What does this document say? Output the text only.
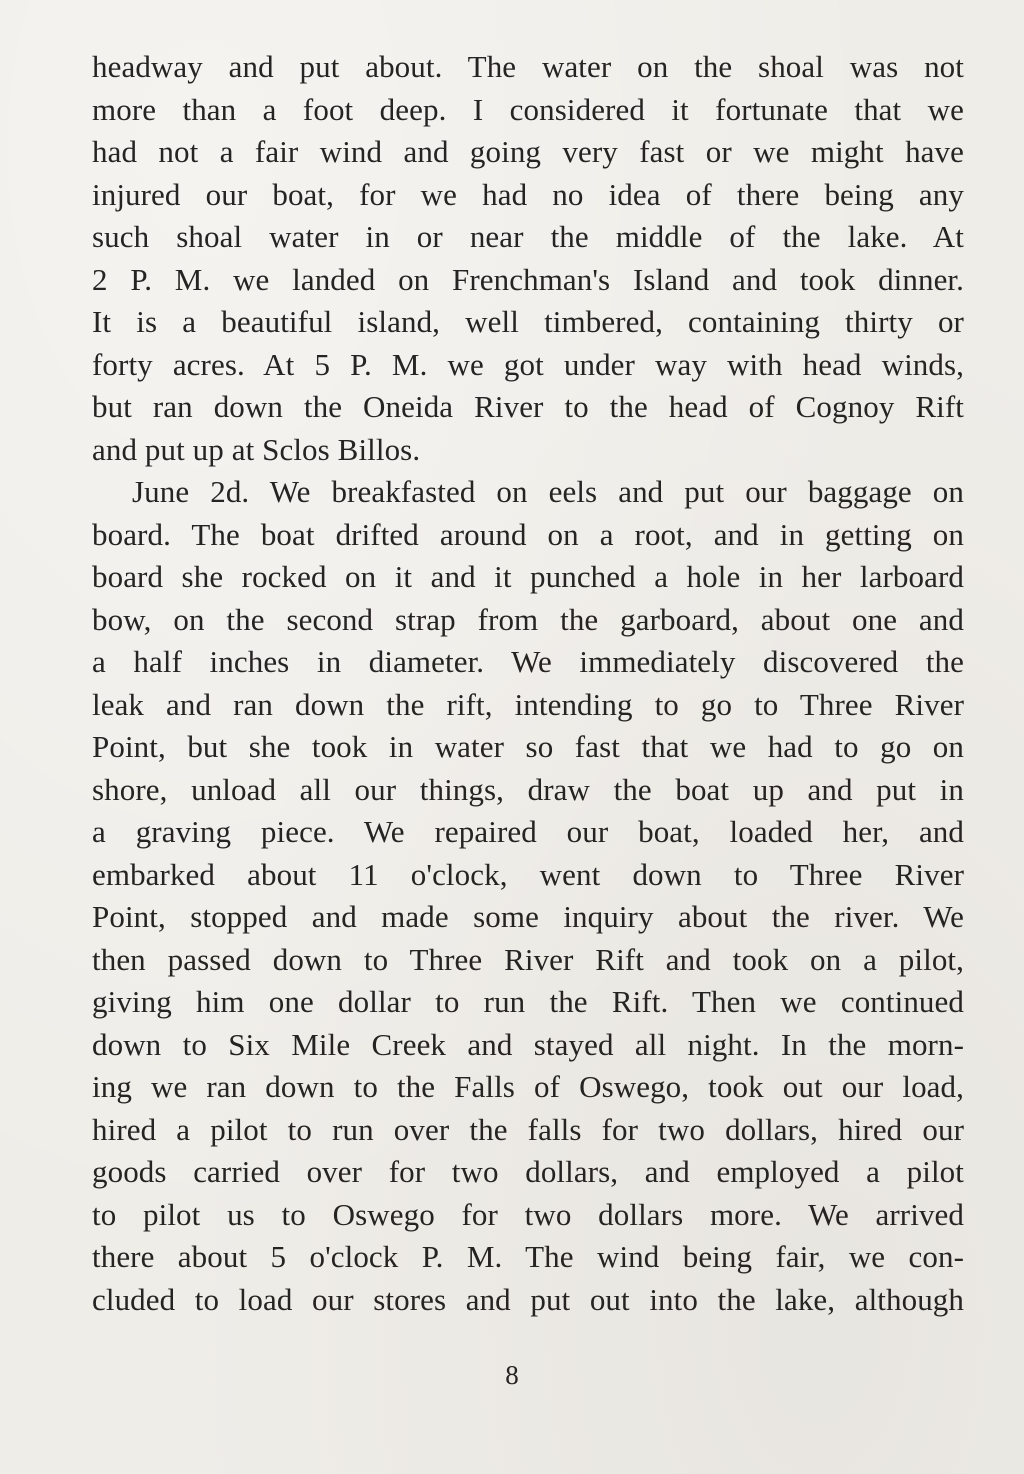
headway and put about. The water on the shoal was not
more than a foot deep. I considered it fortunate that we
had not a fair wind and going very fast or we might have
injured our boat, for we had no idea of there being any
such shoal water in or near the middle of the lake. At
2 P. M. we landed on Frenchman's Island and took dinner.
It is a beautiful island, well timbered, containing thirty or
forty acres. At 5 P. M. we got under way with head winds,
but ran down the Oneida River to the head of Cognoy Rift
and put up at Sclos Billos.
June 2d. We breakfasted on eels and put our baggage on
board. The boat drifted around on a root, and in getting on
board she rocked on it and it punched a hole in her larboard
bow, on the second strap from the garboard, about one and
a half inches in diameter. We immediately discovered the
leak and ran down the rift, intending to go to Three River
Point, but she took in water so fast that we had to go on
shore, unload all our things, draw the boat up and put in
a graving piece. We repaired our boat, loaded her, and
embarked about 11 o'clock, went down to Three River
Point, stopped and made some inquiry about the river. We
then passed down to Three River Rift and took on a pilot,
giving him one dollar to run the Rift. Then we continued
down to Six Mile Creek and stayed all night. In the morn-
ing we ran down to the Falls of Oswego, took out our load,
hired a pilot to run over the falls for two dollars, hired our
goods carried over for two dollars, and employed a pilot
to pilot us to Oswego for two dollars more. We arrived
there about 5 o'clock P. M. The wind being fair, we con-
cluded to load our stores and put out into the lake, although
8
